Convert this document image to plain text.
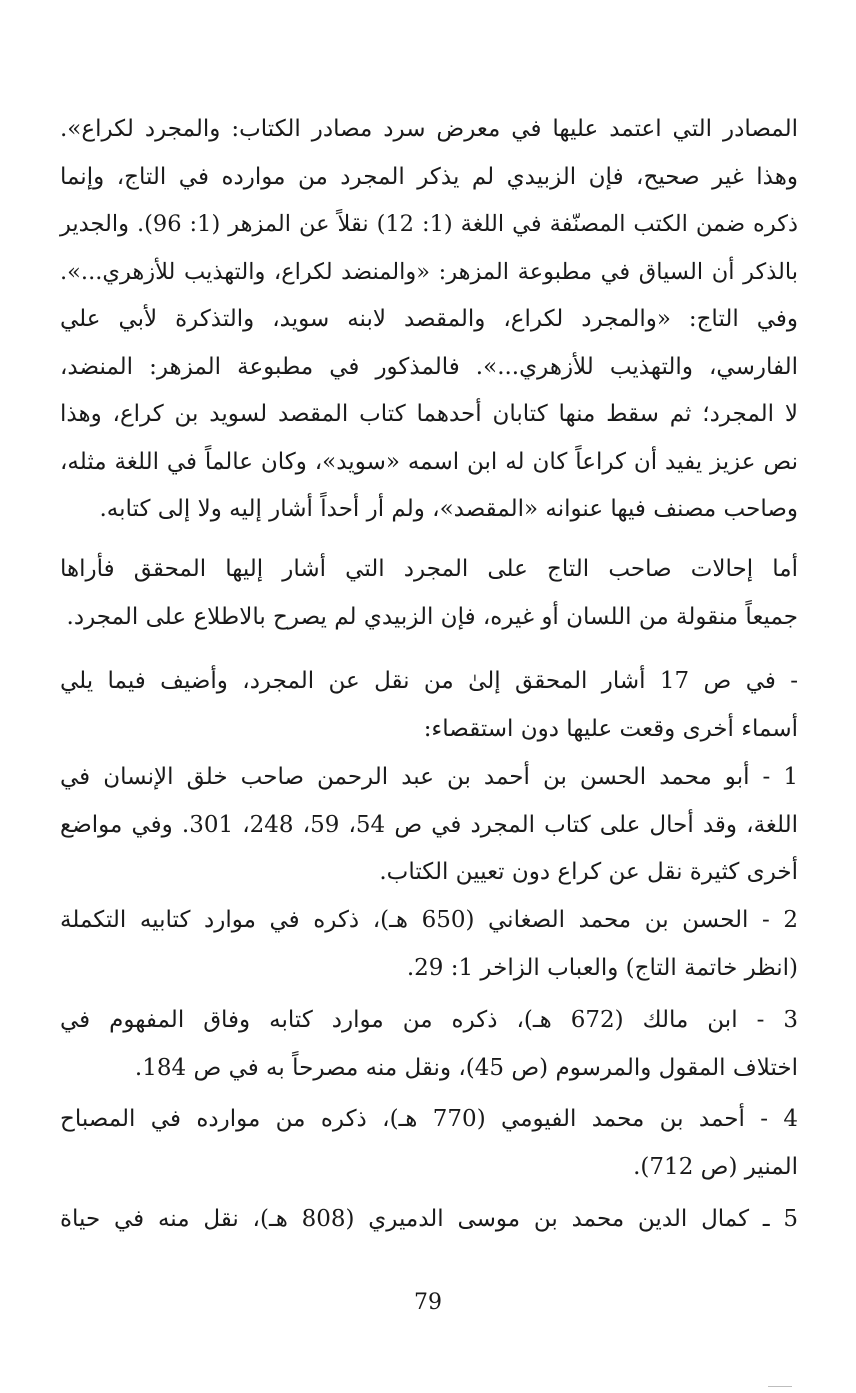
المصادر التي اعتمد عليها في معرض سرد مصادر الكتاب: والمجرد لكراع».
وهذا غير صحيح، فإن الزبيدي لم يذكر المجرد من موارده في التاج، وإنما
ذكره ضمن الكتب المصنّفة في اللغة (1: 12) نقلاً عن المزهر (1: 96). والجدير
بالذكر أن السياق في مطبوعة المزهر: «والمنضد لكراع، والتهذيب للأزهري...».
وفي التاج: «والمجرد لكراع، والمقصد لابنه سويد، والتذكرة لأبي علي
الفارسي، والتهذيب للأزهري...». فالمذكور في مطبوعة المزهر: المنضد،
لا المجرد؛ ثم سقط منها كتابان أحدهما كتاب المقصد لسويد بن كراع، وهذا
نص عزيز يفيد أن كراعاً كان له ابن اسمه «سويد»، وكان عالماً في اللغة مثله،
وصاحب مصنف فيها عنوانه «المقصد»، ولم أر أحداً أشار إليه ولا إلى كتابه.
أما إحالات صاحب التاج على المجرد التي أشار إليها المحقق فأراها
جميعاً منقولة من اللسان أو غيره، فإن الزبيدي لم يصرح بالاطلاع على المجرد.
- في ص 17 أشار المحقق إلىٰ من نقل عن المجرد، وأضيف فيما يلي
أسماء أخرى وقعت عليها دون استقصاء:
1 - أبو محمد الحسن بن أحمد بن عبد الرحمن صاحب خلق الإنسان في
اللغة، وقد أحال على كتاب المجرد في ص 54، 59، 248، 301. وفي مواضع
أخرى كثيرة نقل عن كراع دون تعيين الكتاب.
2 - الحسن بن محمد الصغاني (650 هـ)، ذكره في موارد كتابيه التكملة
(انظر خاتمة التاج) والعباب الزاخر 1: 29.
3 - ابن مالك (672 هـ)، ذكره من موارد كتابه وفاق المفهوم في
اختلاف المقول والمرسوم (ص 45)، ونقل منه مصرحاً به في ص 184.
4 - أحمد بن محمد الفيومي (770 هـ)، ذكره من موارده في المصباح
المنير (ص 712).
5 ـ كمال الدين محمد بن موسى الدميري (808 هـ)، نقل منه في حياة
79
